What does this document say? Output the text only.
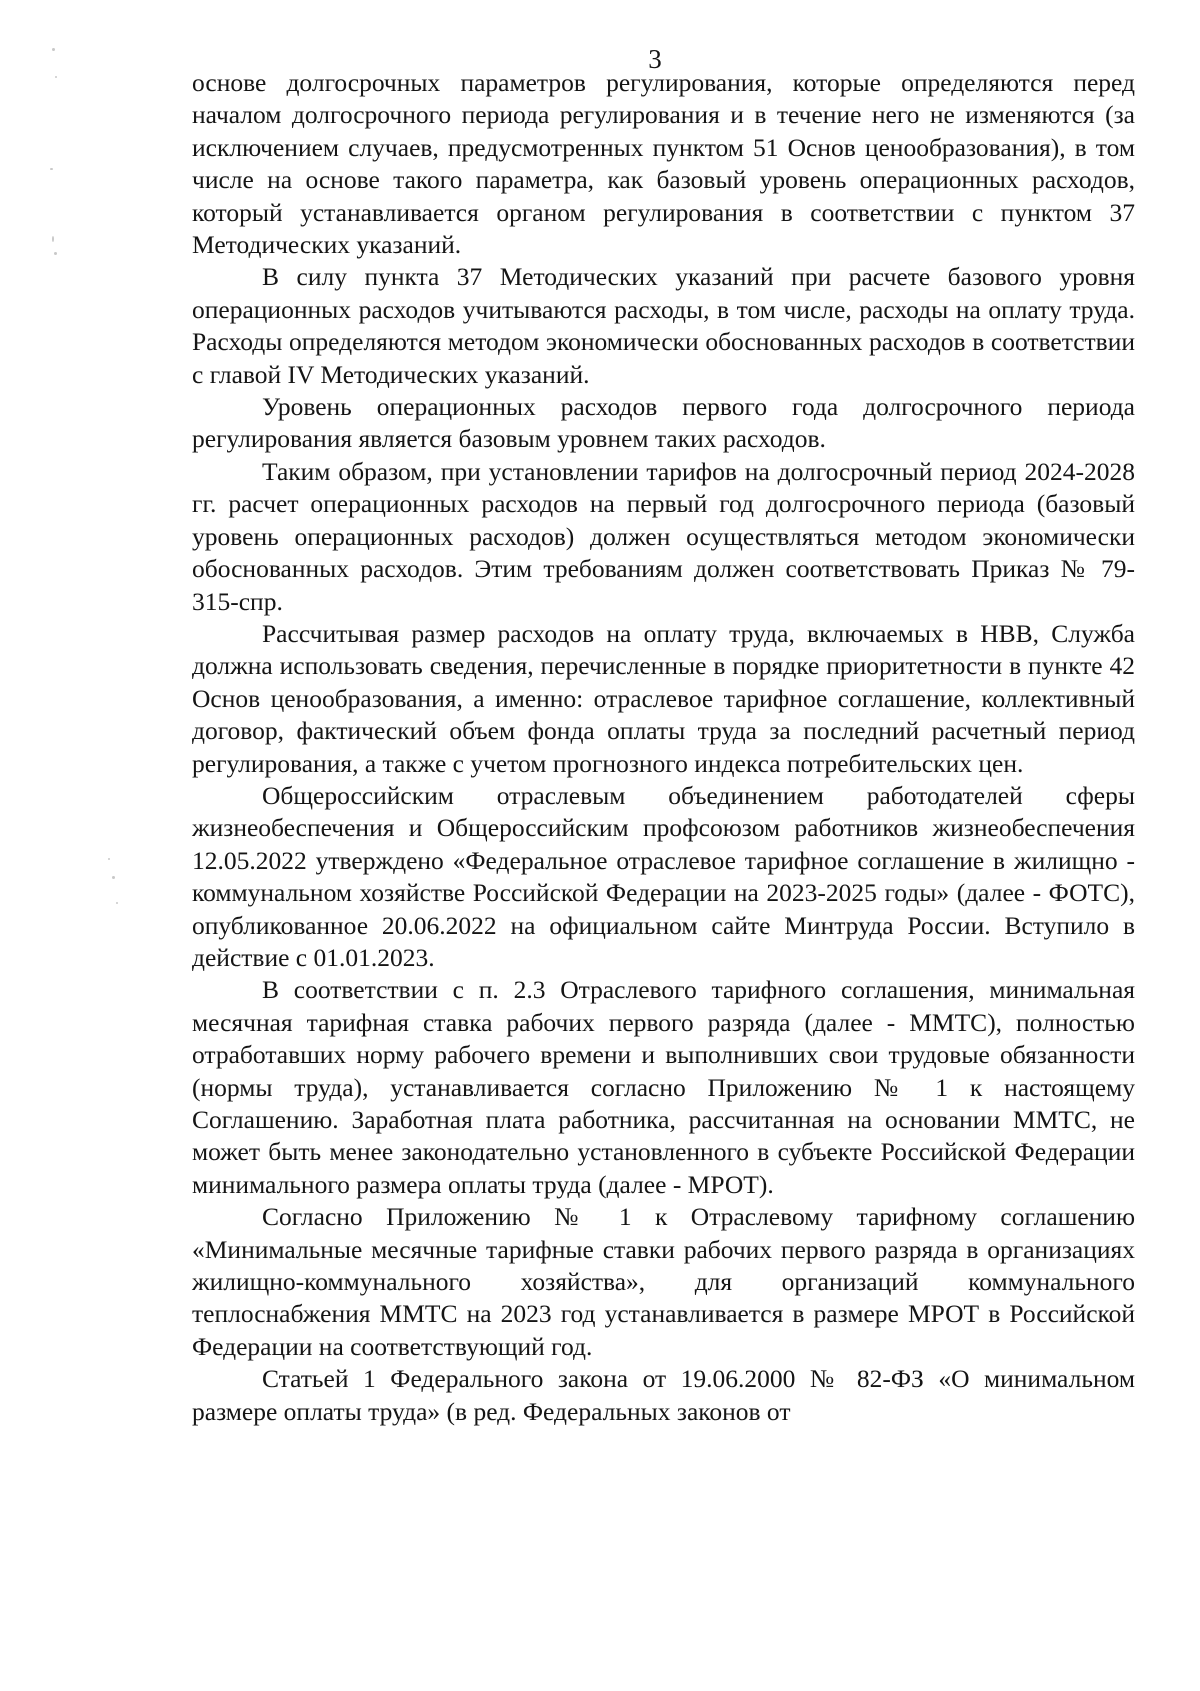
3

основе долгосрочных параметров регулирования, которые определяются перед началом долгосрочного периода регулирования и в течение него не изменяются (за исключением случаев, предусмотренных пунктом 51 Основ ценообразования), в том числе на основе такого параметра, как базовый уровень операционных расходов, который устанавливается органом регулирования в соответствии с пунктом 37 Методических указаний.

В силу пункта 37 Методических указаний при расчете базового уровня операционных расходов учитываются расходы, в том числе, расходы на оплату труда. Расходы определяются методом экономически обоснованных расходов в соответствии с главой IV Методических указаний.

Уровень операционных расходов первого года долгосрочного периода регулирования является базовым уровнем таких расходов.

Таким образом, при установлении тарифов на долгосрочный период 2024-2028 гг. расчет операционных расходов на первый год долгосрочного периода (базовый уровень операционных расходов) должен осуществляться методом экономически обоснованных расходов. Этим требованиям должен соответствовать Приказ № 79-315-спр.

Рассчитывая размер расходов на оплату труда, включаемых в НВВ, Служба должна использовать сведения, перечисленные в порядке приоритетности в пункте 42 Основ ценообразования, а именно: отраслевое тарифное соглашение, коллективный договор, фактический объем фонда оплаты труда за последний расчетный период регулирования, а также с учетом прогнозного индекса потребительских цен.

Общероссийским отраслевым объединением работодателей сферы жизнеобеспечения и Общероссийским профсоюзом работников жизнеобеспечения 12.05.2022 утверждено «Федеральное отраслевое тарифное соглашение в жилищно - коммунальном хозяйстве Российской Федерации на 2023-2025 годы» (далее - ФОТС), опубликованное 20.06.2022 на официальном сайте Минтруда России. Вступило в действие с 01.01.2023.

В соответствии с п. 2.3 Отраслевого тарифного соглашения, минимальная месячная тарифная ставка рабочих первого разряда (далее - ММТС), полностью отработавших норму рабочего времени и выполнивших свои трудовые обязанности (нормы труда), устанавливается согласно Приложению № 1 к настоящему Соглашению. Заработная плата работника, рассчитанная на основании ММТС, не может быть менее законодательно установленного в субъекте Российской Федерации минимального размера оплаты труда (далее - МРОТ).

Согласно Приложению № 1 к Отраслевому тарифному соглашению «Минимальные месячные тарифные ставки рабочих первого разряда в организациях жилищно-коммунального хозяйства», для организаций коммунального теплоснабжения ММТС на 2023 год устанавливается в размере МРОТ в Российской Федерации на соответствующий год.

Статьей 1 Федерального закона от 19.06.2000 № 82-ФЗ «О минимальном размере оплаты труда» (в ред. Федеральных законов от
